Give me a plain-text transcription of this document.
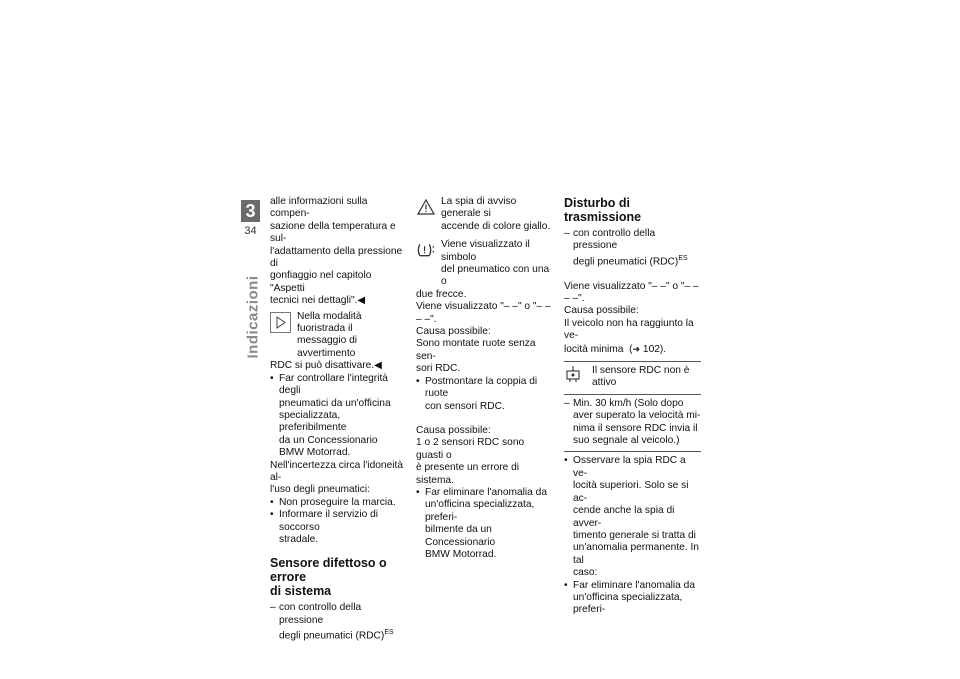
3
34
Indicazioni

alle informazioni sulla compen-

sazione della temperatura e sul-

l'adattamento della pressione di

gonfiaggio nel capitolo "Aspetti

tecnici nei dettagli".◀

Nella modalità fuoristrada il

messaggio di avvertimento

RDC si può disattivare.◀

• Far controllare l'integrità degli

pneumatici da un'officina

specializzata, preferibilmente

da un Concessionario

BMW Motorrad.

Nell'incertezza circa l'idoneità al-

l'uso degli pneumatici:

• Non proseguire la marcia.
• Informare il servizio di soccorso

stradale.

Sensore difettoso o errore
di sistema
– con controllo della pressione

degli pneumatici (RDC)$^{ES}$

La spia di avviso generale si

accende di colore giallo.

Viene visualizzato il simbolo

del pneumatico con una o

due frecce.

Viene visualizzato "– –" o "– –

– –".

Causa possibile:

Sono montate ruote senza sen-

sori RDC.

• Postmontare la coppia di ruote

con sensori RDC.

Causa possibile:

1 o 2 sensori RDC sono guasti o

è presente un errore di sistema.

• Far eliminare l'anomalia da

un'officina specializzata, preferi-

bilmente da un Concessionario

BMW Motorrad.

Disturbo di trasmissione
– con controllo della pressione

degli pneumatici (RDC)$^{ES}$

Viene visualizzato "– –" o "– –

– –".

Causa possibile:

Il veicolo non ha raggiunto la ve-

locità minima  (➜ 102).

Il sensore RDC non è

attivo

– Min. 30 km/h (Solo dopo

aver superato la velocità mi-

nima il sensore RDC invia il

suo segnale al veicolo.)

• Osservare la spia RDC a ve-

locità superiori. Solo se si ac-

cende anche la spia di avver-

timento generale si tratta di

un'anomalia permanente. In tal

caso:

• Far eliminare l'anomalia da

un'officina specializzata, preferi-
